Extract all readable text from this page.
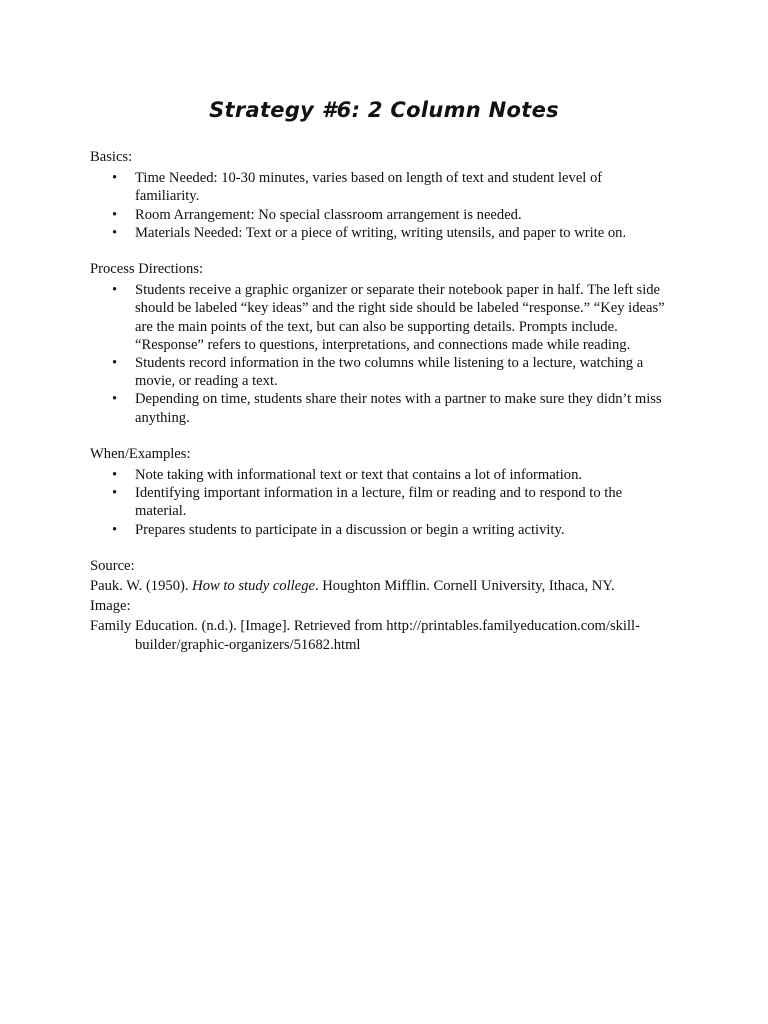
Strategy #6: 2 Column Notes

Basics:

• Time Needed: 10-30 minutes, varies based on length of text and student level of familiarity.
• Room Arrangement: No special classroom arrangement is needed.
• Materials Needed: Text or a piece of writing, writing utensils, and paper to write on.

Process Directions:

• Students receive a graphic organizer or separate their notebook paper in half. The left side should be labeled “key ideas” and the right side should be labeled “response.” “Key ideas” are the main points of the text, but can also be supporting details. Prompts include. “Response” refers to questions, interpretations, and connections made while reading.
• Students record information in the two columns while listening to a lecture, watching a movie, or reading a text.
• Depending on time, students share their notes with a partner to make sure they didn’t miss anything.

When/Examples:

• Note taking with informational text or text that contains a lot of information.
• Identifying important information in a lecture, film or reading and to respond to the material.
• Prepares students to participate in a discussion or begin a writing activity.

Source:

Pauk. W. (1950). How to study college. Houghton Mifflin. Cornell University, Ithaca, NY.

Image:

Family Education. (n.d.). [Image]. Retrieved from http://printables.familyeducation.com/skill-builder/graphic-organizers/51682.html
